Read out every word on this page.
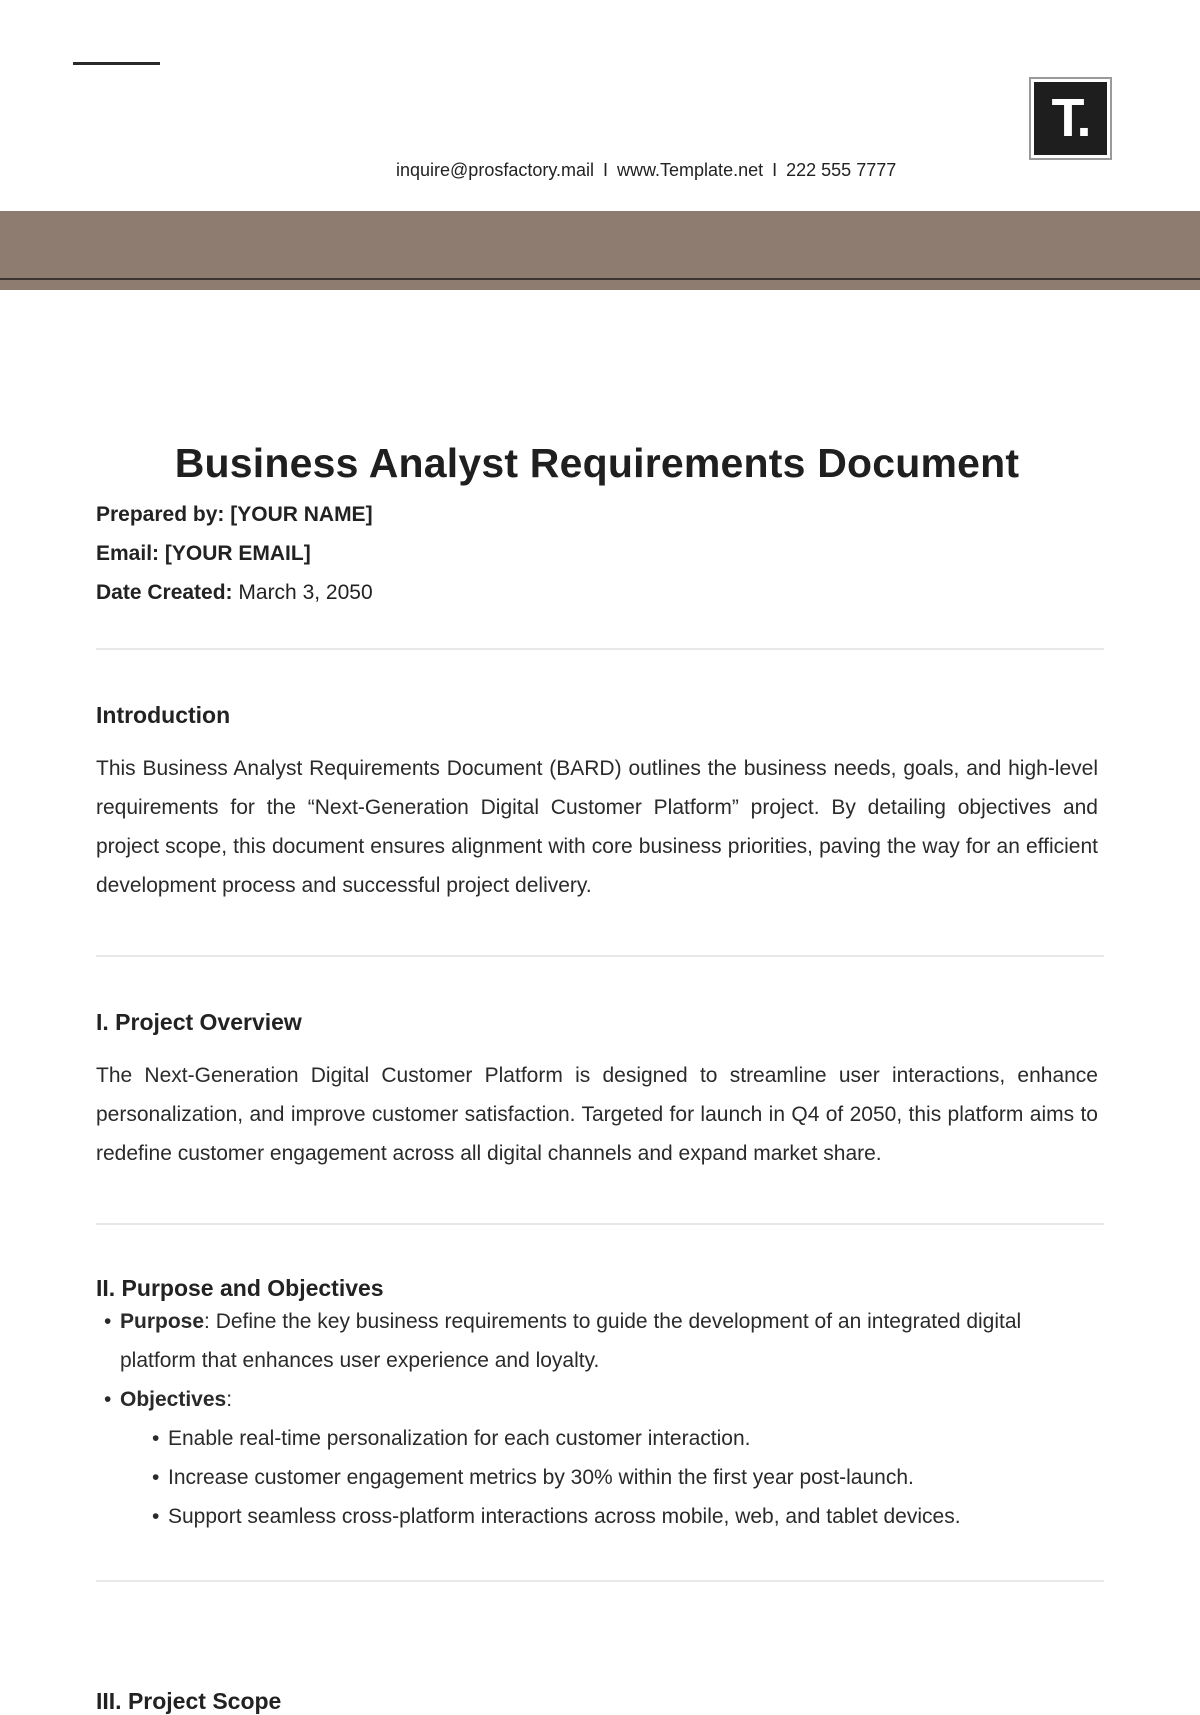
inquire@prosfactory.mail I www.Template.net I 222 555 7777
T.
Business Analyst Requirements Document

Prepared by: [YOUR NAME]

Email: [YOUR EMAIL]

Date Created: March 3, 2050

Introduction

This Business Analyst Requirements Document (BARD) outlines the business needs, goals, and high-level requirements for the “Next-Generation Digital Customer Platform” project. By detailing objectives and project scope, this document ensures alignment with core business priorities, paving the way for an efficient development process and successful project delivery.

I. Project Overview

The Next-Generation Digital Customer Platform is designed to streamline user interactions, enhance personalization, and improve customer satisfaction. Targeted for launch in Q4 of 2050, this platform aims to redefine customer engagement across all digital channels and expand market share.

II. Purpose and Objectives
• Purpose: Define the key business requirements to guide the development of an integrated digital platform that enhances user experience and loyalty.
• Objectives:
• Enable real-time personalization for each customer interaction.
• Increase customer engagement metrics by 30% within the first year post-launch.
• Support seamless cross-platform interactions across mobile, web, and tablet devices.
III. Project Scope
